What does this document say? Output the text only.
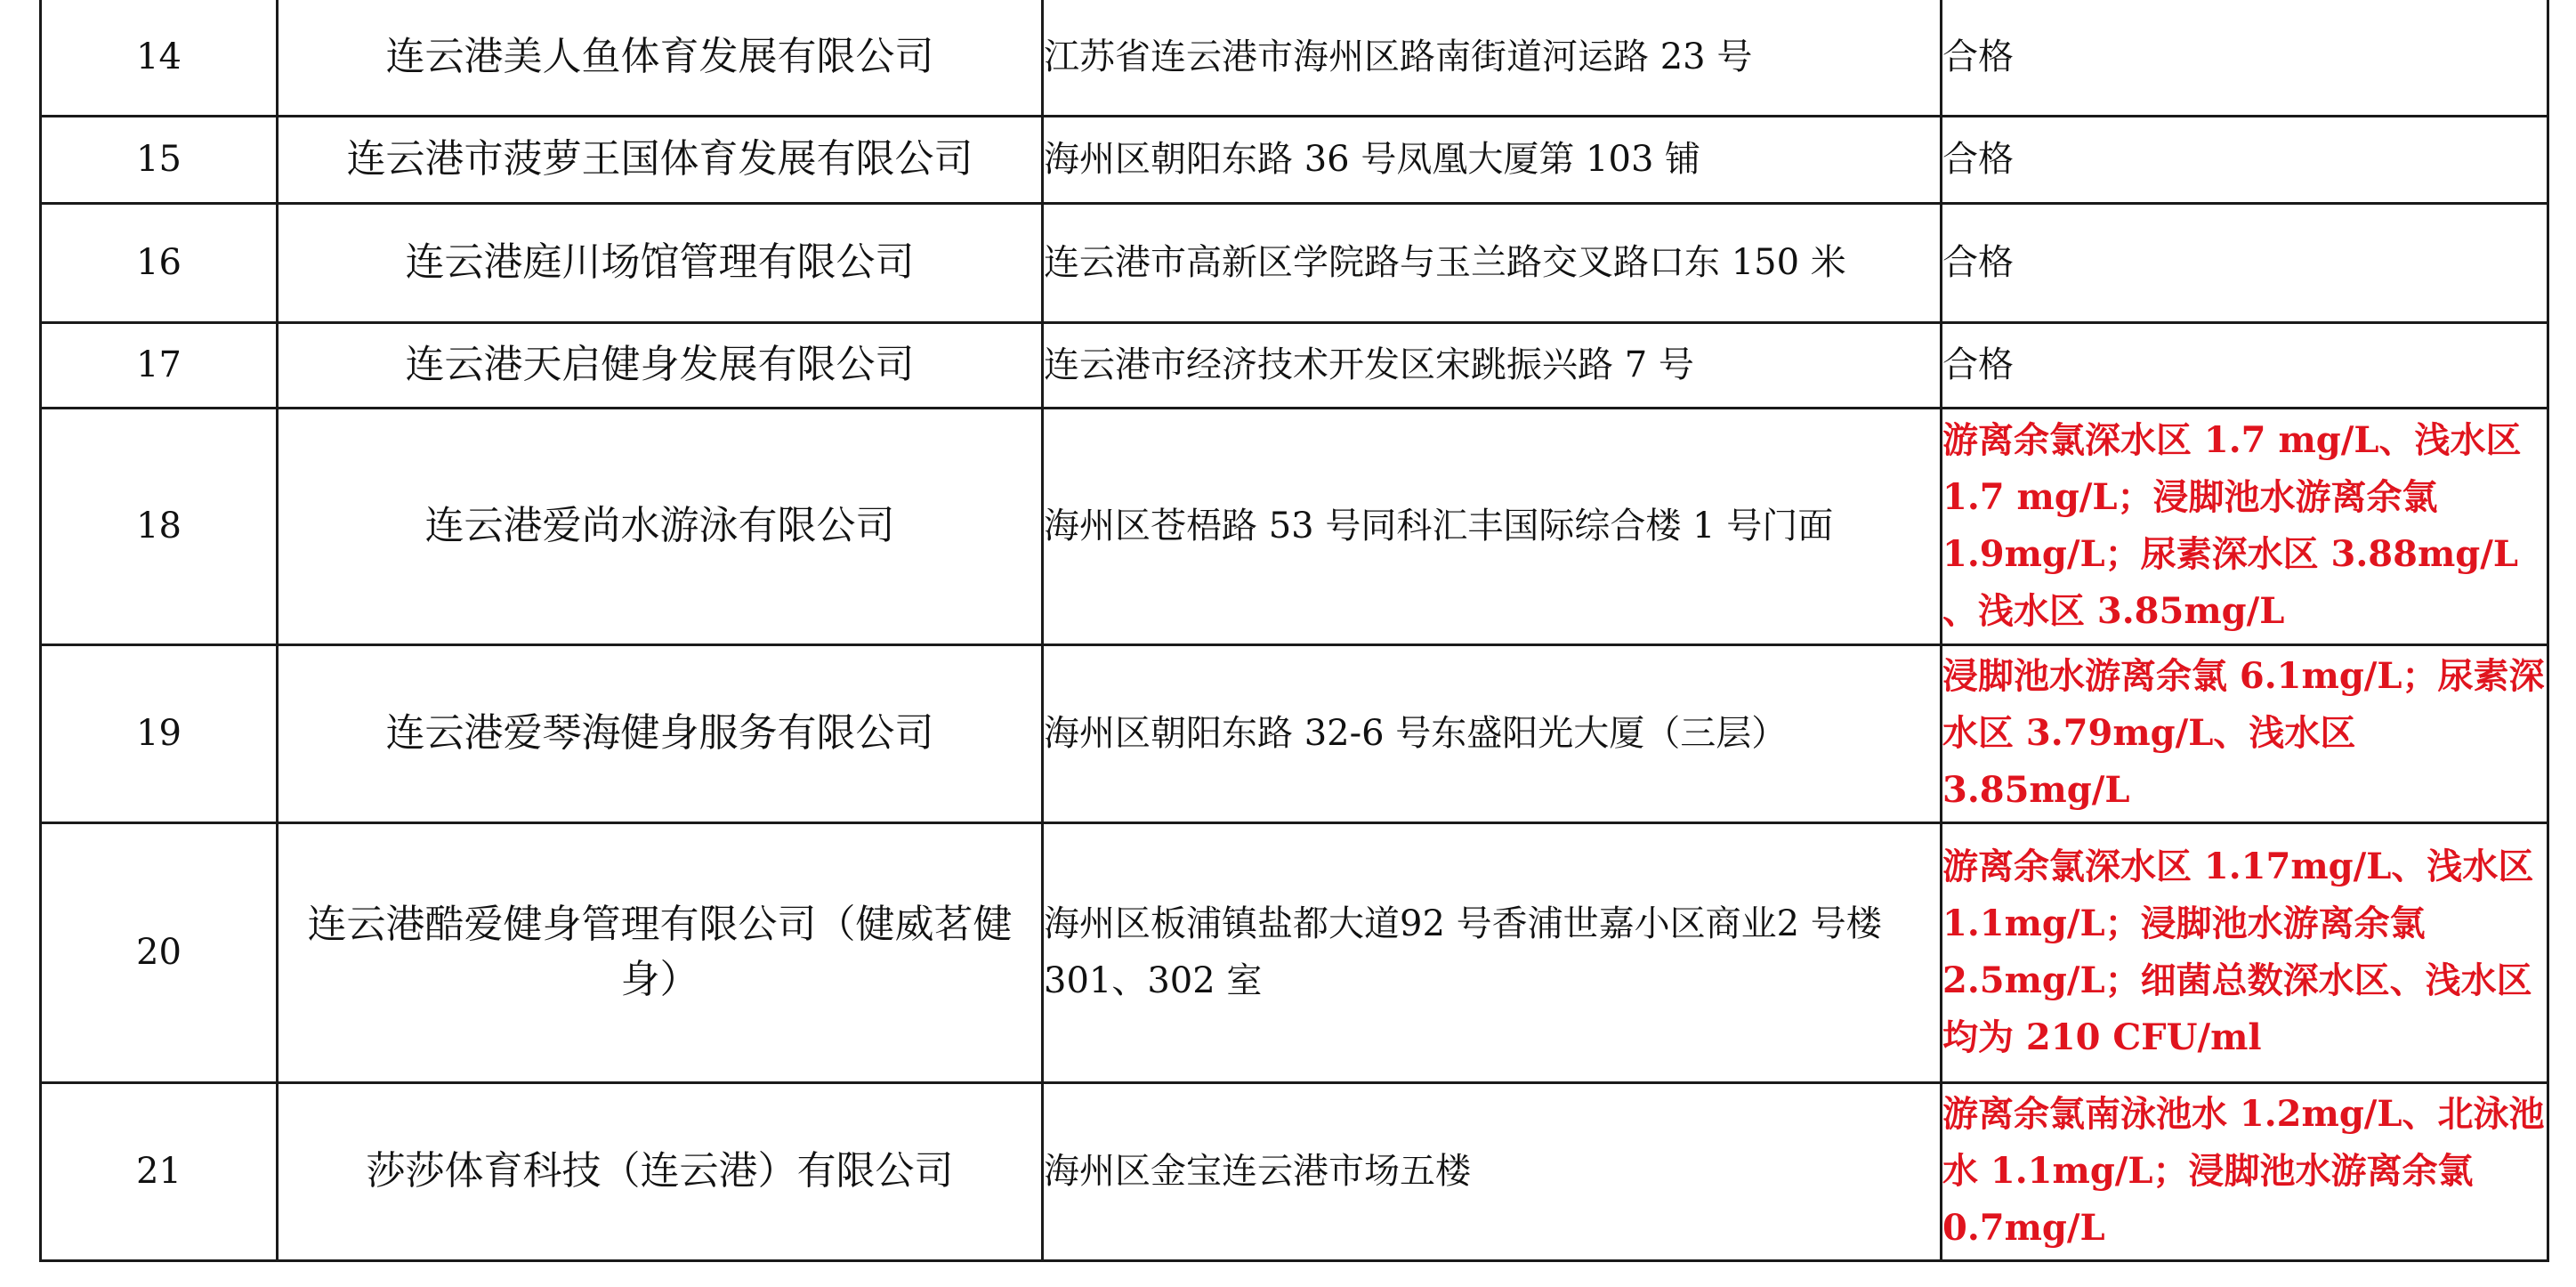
14	连云港美人鱼体育发展有限公司	江苏省连云港市海州区路南街道河运路 23 号	合格
15	连云港市菠萝王国体育发展有限公司	海州区朝阳东路 36 号凤凰大厦第 103 铺	合格
16	连云港庭川场馆管理有限公司	连云港市高新区学院路与玉兰路交叉路口东 150 米	合格
17	连云港天启健身发展有限公司	连云港市经济技术开发区宋跳振兴路 7 号	合格
18	连云港爱尚水游泳有限公司	海州区苍梧路 53 号同科汇丰国际综合楼 1 号门面	游离余氯深水区 1.7 mg/L、浅水区 1.7 mg/L；浸脚池水游离余氯 1.9mg/L；尿素深水区 3.88mg/L 、浅水区 3.85mg/L
19	连云港爱琴海健身服务有限公司	海州区朝阳东路 32-6 号东盛阳光大厦（三层）	浸脚池水游离余氯 6.1mg/L；尿素深水区 3.79mg/L、浅水区 3.85mg/L
20	连云港酷爱健身管理有限公司（健威茗健身）	海州区板浦镇盐都大道92 号香浦世嘉小区商业2 号楼 301、302 室	游离余氯深水区 1.17mg/L、浅水区 1.1mg/L；浸脚池水游离余氯 2.5mg/L；细菌总数深水区、浅水区均为 210 CFU/ml
21	莎莎体育科技（连云港）有限公司	海州区金宝连云港市场五楼	游离余氯南泳池水 1.2mg/L、北泳池水 1.1mg/L；浸脚池水游离余氯 0.7mg/L
